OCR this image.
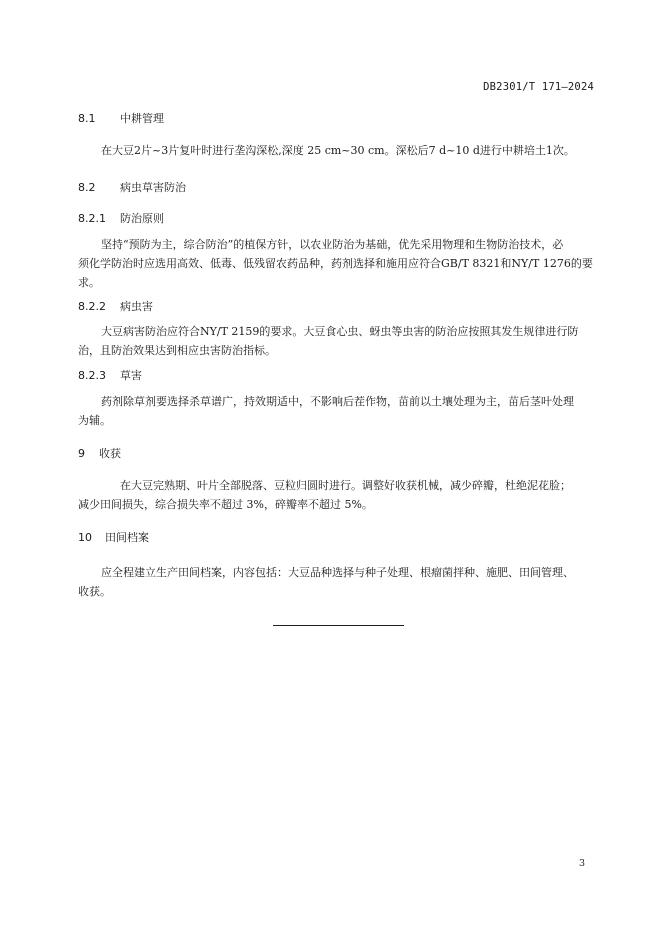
DB2301/T 171—2024
8.1 中耕管理
在大豆2片~3片复叶时进行垄沟深松,深度 25 cm~30 cm。深松后7 d~10 d进行中耕培土1次。
8.2 病虫草害防治
8.2.1 防治原则
坚持“预防为主，综合防治”的植保方针，以农业防治为基础，优先采用物理和生物防治技术，必
须化学防治时应选用高效、低毒、低残留农药品种，药剂选择和施用应符合GB/T 8321和NY/T 1276的要
求。
8.2.2 病虫害
大豆病害防治应符合NY/T 2159的要求。大豆食心虫、蚜虫等虫害的防治应按照其发生规律进行防
治，且防治效果达到相应虫害防治指标。
8.2.3 草害
药剂除草剂要选择杀草谱广，持效期适中，不影响后茬作物，苗前以土壤处理为主，苗后茎叶处理
为辅。
9 收获
在大豆完熟期、叶片全部脱落、豆粒归圆时进行。调整好收获机械，减少碎瓣，杜绝泥花脸；
减少田间损失，综合损失率不超过 3%，碎瓣率不超过 5%。
10 田间档案
应全程建立生产田间档案，内容包括：大豆品种选择与种子处理、根瘤菌拌种、施肥、田间管理、
收获。
3
